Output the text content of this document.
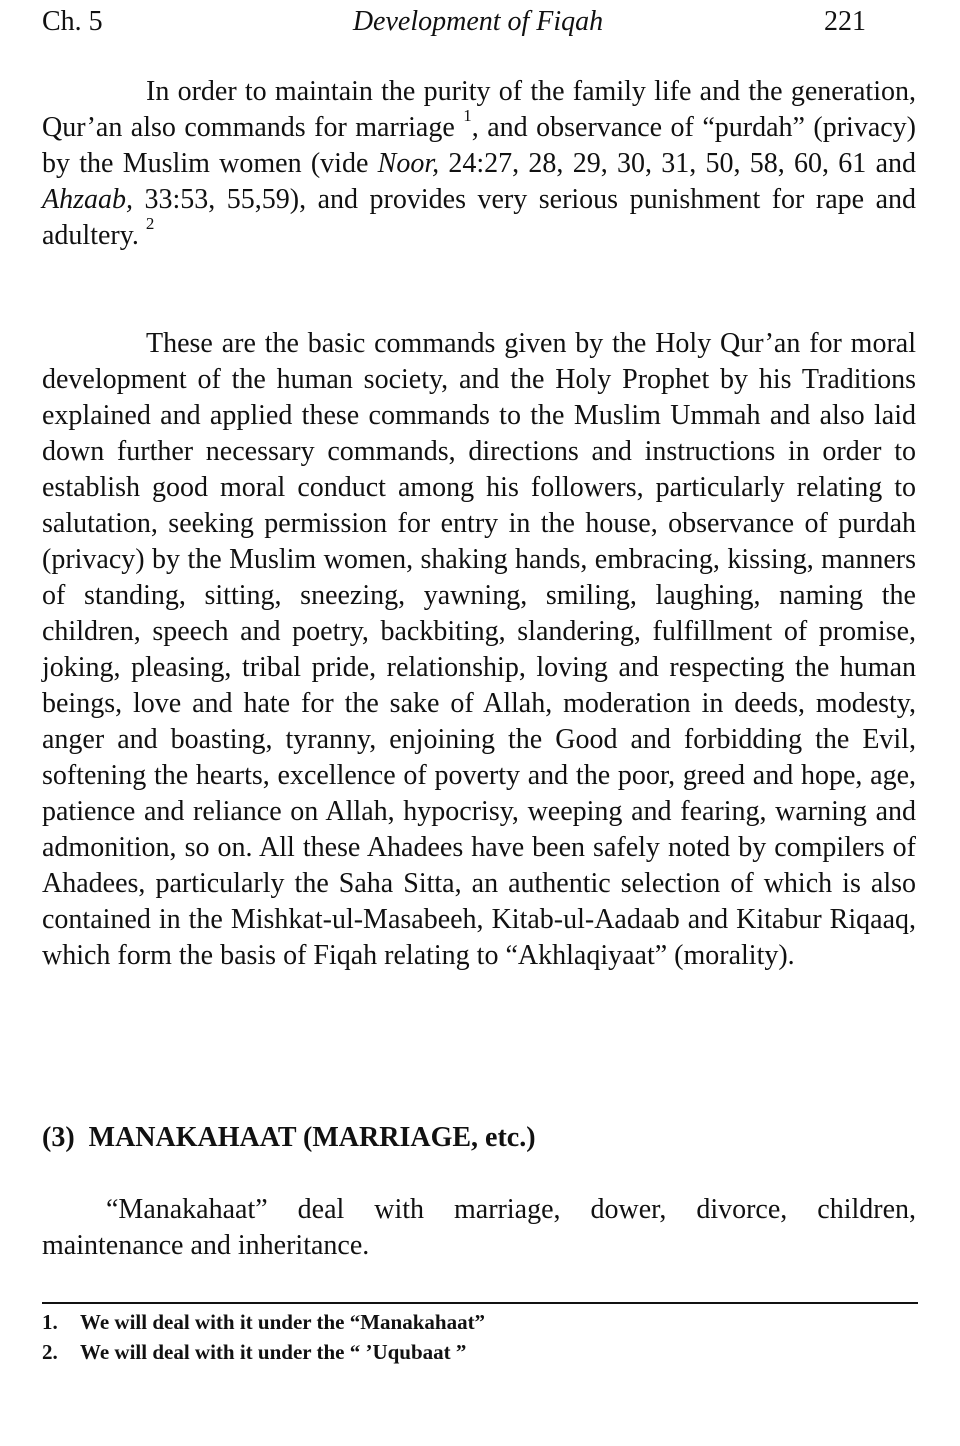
Ch. 5	Development of Fiqah	221
In order to maintain the purity of the family life and the generation, Qur’an also commands for marriage $^1$, and observance of “purdah” (privacy) by the Muslim women (vide Noor, 24:27, 28, 29, 30, 31, 50, 58, 60, 61 and Ahzaab, 33:53, 55,59), and provides very serious punishment for rape and adultery. $^2$
These are the basic commands given by the Holy Qur’an for moral development of the human society, and the Holy Prophet by his Traditions explained and applied these commands to the Muslim Ummah and also laid down further necessary commands, directions and instructions in order to establish good moral conduct among his followers, particularly relating to salutation, seeking permission for entry in the house, observance of purdah (privacy) by the Muslim women, shaking hands, embracing, kissing, manners of standing, sitting, sneezing, yawning, smiling, laughing, naming the children, speech and poetry, backbiting, slandering, fulfillment of promise, joking, pleasing, tribal pride, relationship, loving and respecting the human beings, love and hate for the sake of Allah, moderation in deeds, modesty, anger and boasting, tyranny, enjoining the Good and forbidding the Evil, softening the hearts, excellence of poverty and the poor, greed and hope, age, patience and reliance on Allah, hypocrisy, weeping and fearing, warning and admonition, so on. All these Ahadees have been safely noted by compilers of Ahadees, particularly the Saha Sitta, an authentic selection of which is also contained in the Mishkat-ul-Masabeeh, Kitab-ul-Aadaab and Kitabur Riqaaq, which form the basis of Fiqah relating to “Akhlaqiyaat” (morality).
(3) MANAKAHAAT (MARRIAGE, etc.)
“Manakahaat” deal with marriage, dower, divorce, children, maintenance and inheritance.
1.	We will deal with it under the “Manakahaat”
2.	We will deal with it under the “ ’Uqubaat ”
